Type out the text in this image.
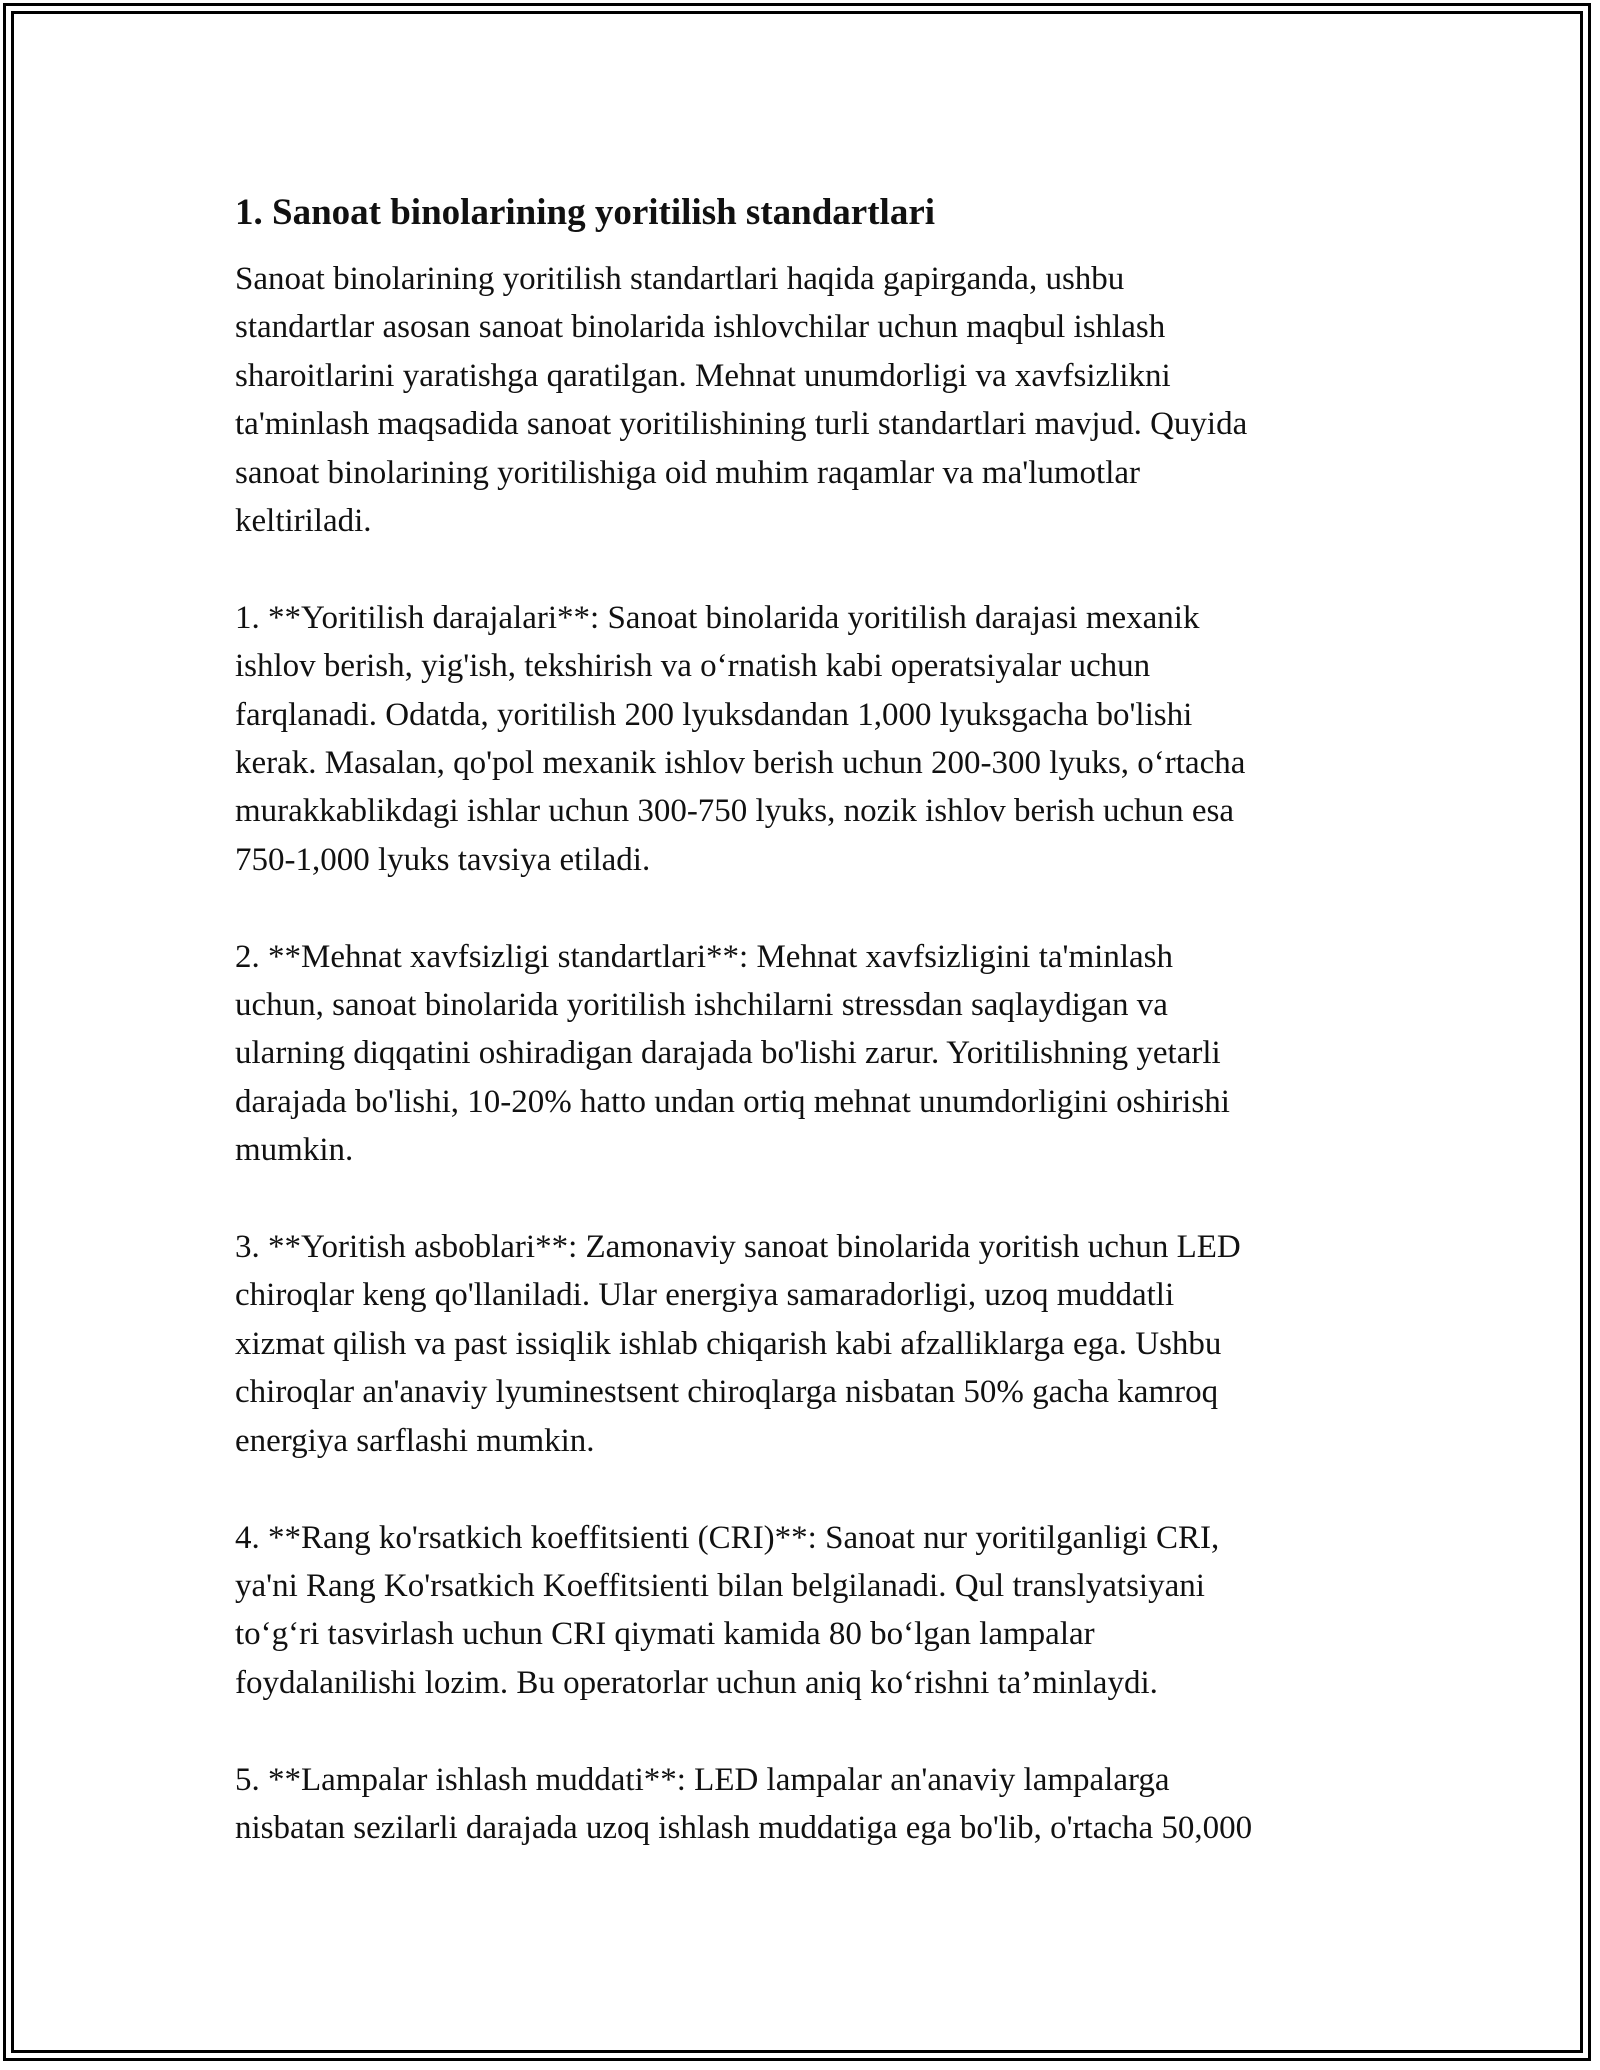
1. Sanoat binolarining yoritilish standartlari
Sanoat binolarining yoritilish standartlari haqida gapirganda, ushbu
standartlar asosan sanoat binolarida ishlovchilar uchun maqbul ishlash
sharoitlarini yaratishga qaratilgan. Mehnat unumdorligi va xavfsizlikni
ta'minlash maqsadida sanoat yoritilishining turli standartlari mavjud. Quyida
sanoat binolarining yoritilishiga oid muhim raqamlar va ma'lumotlar
keltiriladi.
1. **Yoritilish darajalari**: Sanoat binolarida yoritilish darajasi mexanik
ishlov berish, yig'ish, tekshirish va o‘rnatish kabi operatsiyalar uchun
farqlanadi. Odatda, yoritilish 200 lyuksdandan 1,000 lyuksgacha bo'lishi
kerak. Masalan, qo'pol mexanik ishlov berish uchun 200-300 lyuks, o‘rtacha
murakkablikdagi ishlar uchun 300-750 lyuks, nozik ishlov berish uchun esa
750-1,000 lyuks tavsiya etiladi.
2. **Mehnat xavfsizligi standartlari**: Mehnat xavfsizligini ta'minlash
uchun, sanoat binolarida yoritilish ishchilarni stressdan saqlaydigan va
ularning diqqatini oshiradigan darajada bo'lishi zarur. Yoritilishning yetarli
darajada bo'lishi, 10-20% hatto undan ortiq mehnat unumdorligini oshirishi
mumkin.
3. **Yoritish asboblari**: Zamonaviy sanoat binolarida yoritish uchun LED
chiroqlar keng qo'llaniladi. Ular energiya samaradorligi, uzoq muddatli
xizmat qilish va past issiqlik ishlab chiqarish kabi afzalliklarga ega. Ushbu
chiroqlar an'anaviy lyuminestsent chiroqlarga nisbatan 50% gacha kamroq
energiya sarflashi mumkin.
4. **Rang ko'rsatkich koeffitsienti (CRI)**: Sanoat nur yoritilganligi CRI,
ya'ni Rang Ko'rsatkich Koeffitsienti bilan belgilanadi. Qul translyatsiyani
to‘g‘ri tasvirlash uchun CRI qiymati kamida 80 bo‘lgan lampalar
foydalanilishi lozim. Bu operatorlar uchun aniq ko‘rishni ta’minlaydi.
5. **Lampalar ishlash muddati**: LED lampalar an'anaviy lampalarga
nisbatan sezilarli darajada uzoq ishlash muddatiga ega bo'lib, o'rtacha 50,000
